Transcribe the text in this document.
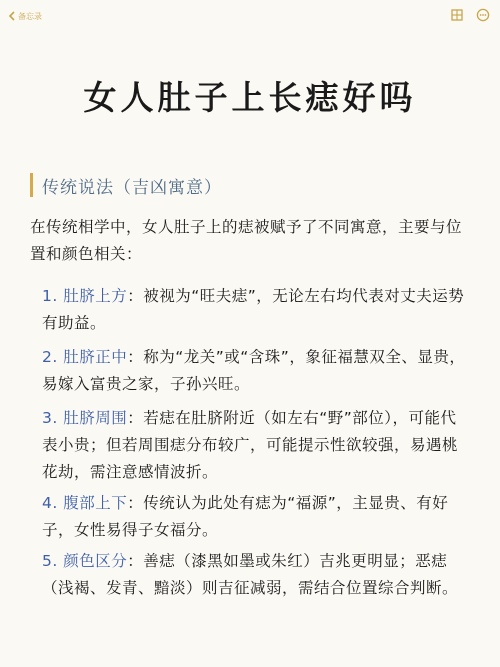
备忘录
女人肚子上长痣好吗
传统说法（吉凶寓意）
在传统相学中，女人肚子上的痣被赋予了不同寓意，主要与位置和颜色相关：
1. 肚脐上方：被视为“旺夫痣”，无论左右均代表对丈夫运势有助益。
2. 肚脐正中：称为“龙关”或“含珠”，象征福慧双全、显贵，易嫁入富贵之家，子孙兴旺。
3. 肚脐周围：若痣在肚脐附近（如左右“野”部位），可能代表小贵；但若周围痣分布较广，可能提示性欲较强，易遇桃花劫，需注意感情波折。
4. 腹部上下：传统认为此处有痣为“福源”，主显贵、有好子，女性易得子女福分。
5. 颜色区分：善痣（漆黑如墨或朱红）吉兆更明显；恶痣（浅褐、发青、黯淡）则吉征减弱，需结合位置综合判断。
